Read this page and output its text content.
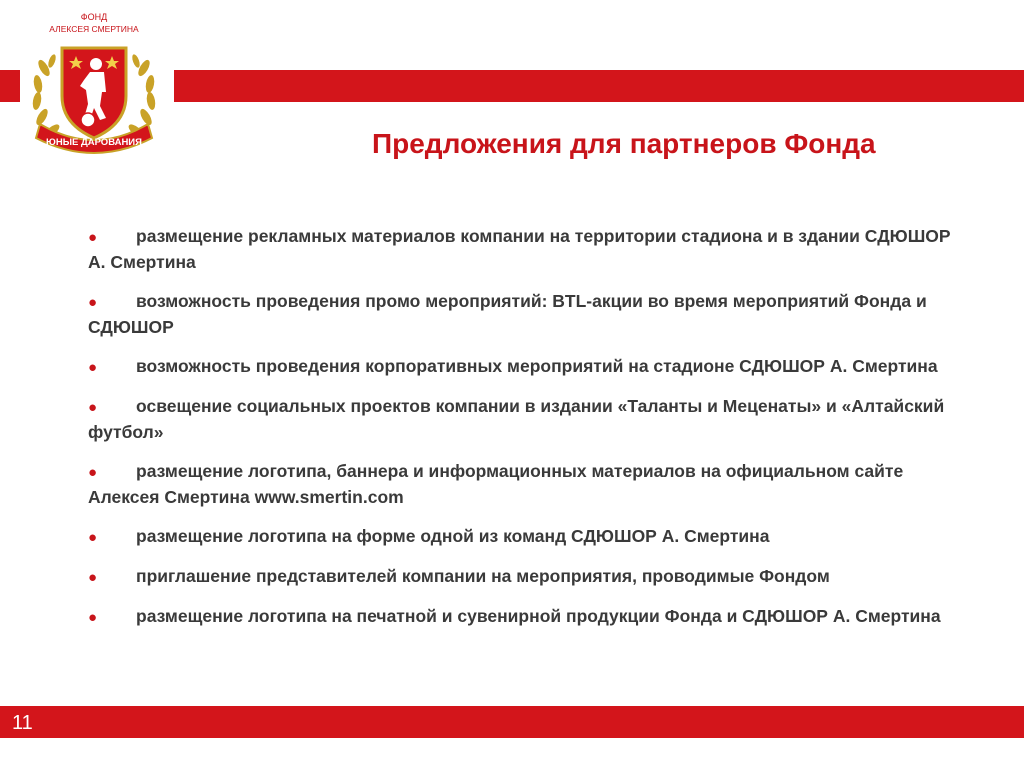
ФОНД
АЛЕКСЕЯ СМЕРТИНА
ЮНЫЕ ДАРОВАНИЯ	Предложения для партнеров Фонда
● размещение рекламных материалов компании на территории стадиона и в здании СДЮШОР А. Смертина
● возможность проведения промо мероприятий: BTL-акции во время мероприятий Фонда и СДЮШОР
● возможность проведения корпоративных мероприятий на стадионе СДЮШОР А. Смертина
● освещение социальных проектов компании в издании «Таланты и Меценаты» и «Алтайский футбол»
● размещение логотипа, баннера и информационных материалов на официальном сайте Алексея Смертина www.smertin.com
● размещение логотипа на форме одной из команд СДЮШОР А. Смертина
● приглашение представителей компании на мероприятия, проводимые Фондом
● размещение логотипа на печатной и сувенирной продукции Фонда и СДЮШОР А. Смертина
11
